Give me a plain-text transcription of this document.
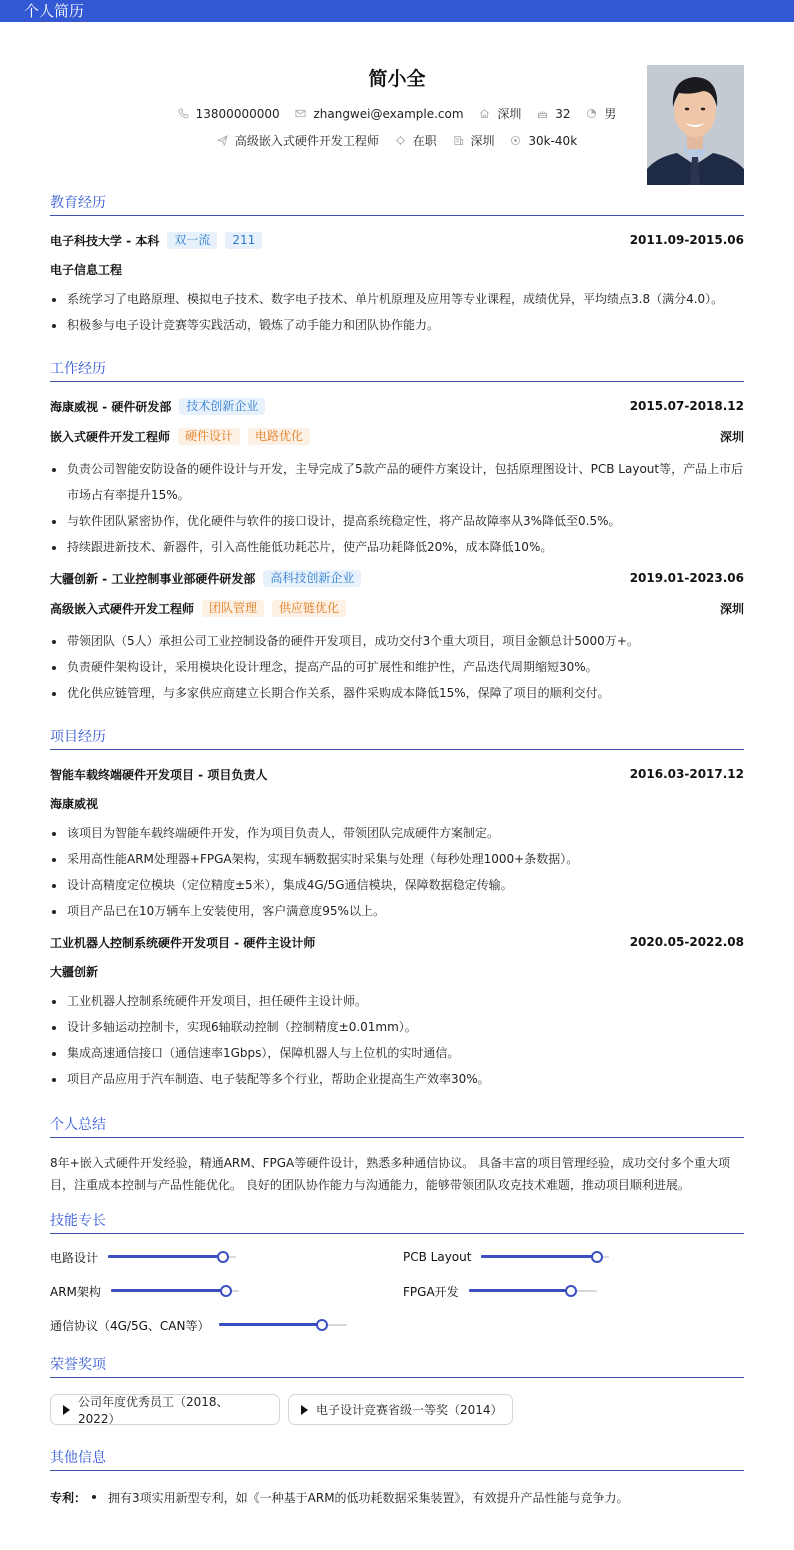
个人简历
简小全
13800000000	zhangwei@example.com	深圳	32	男
高级嵌入式硬件开发工程师	在职	深圳	30k-40k
教育经历
电子科技大学 - 本科	双一流	211	2011.09-2015.06
电子信息工程
系统学习了电路原理、模拟电子技术、数字电子技术、单片机原理及应用等专业课程，成绩优异，平均绩点3.8（满分4.0）。
积极参与电子设计竞赛等实践活动，锻炼了动手能力和团队协作能力。
工作经历
海康威视 - 硬件研发部	技术创新企业	2015.07-2018.12
嵌入式硬件开发工程师	硬件设计	电路优化	深圳
负责公司智能安防设备的硬件设计与开发，主导完成了5款产品的硬件方案设计，包括原理图设计、PCB Layout等，产品上市后市场占有率提升15%。
与软件团队紧密协作，优化硬件与软件的接口设计，提高系统稳定性，将产品故障率从3%降低至0.5%。
持续跟进新技术、新器件，引入高性能低功耗芯片，使产品功耗降低20%，成本降低10%。
大疆创新 - 工业控制事业部硬件研发部	高科技创新企业	2019.01-2023.06
高级嵌入式硬件开发工程师	团队管理	供应链优化	深圳
带领团队（5人）承担公司工业控制设备的硬件开发项目，成功交付3个重大项目，项目金额总计5000万+。
负责硬件架构设计，采用模块化设计理念，提高产品的可扩展性和维护性，产品迭代周期缩短30%。
优化供应链管理，与多家供应商建立长期合作关系，器件采购成本降低15%，保障了项目的顺利交付。
项目经历
智能车载终端硬件开发项目 - 项目负责人	2016.03-2017.12
海康威视
该项目为智能车载终端硬件开发，作为项目负责人，带领团队完成硬件方案制定。
采用高性能ARM处理器+FPGA架构，实现车辆数据实时采集与处理（每秒处理1000+条数据）。
设计高精度定位模块（定位精度±5米），集成4G/5G通信模块，保障数据稳定传输。
项目产品已在10万辆车上安装使用，客户满意度95%以上。
工业机器人控制系统硬件开发项目 - 硬件主设计师	2020.05-2022.08
大疆创新
工业机器人控制系统硬件开发项目，担任硬件主设计师。
设计多轴运动控制卡，实现6轴联动控制（控制精度±0.01mm）。
集成高速通信接口（通信速率1Gbps），保障机器人与上位机的实时通信。
项目产品应用于汽车制造、电子装配等多个行业，帮助企业提高生产效率30%。
个人总结
8年+嵌入式硬件开发经验，精通ARM、FPGA等硬件设计，熟悉多种通信协议。 具备丰富的项目管理经验，成功交付多个重大项目，注重成本控制与产品性能优化。 良好的团队协作能力与沟通能力，能够带领团队攻克技术难题，推动项目顺利进展。
技能专长
电路设计	PCB Layout
ARM架构	FPGA开发
通信协议（4G/5G、CAN等）
荣誉奖项
公司年度优秀员工（2018、2022）
电子设计竞赛省级一等奖（2014）
其他信息
专利： 拥有3项实用新型专利，如《一种基于ARM的低功耗数据采集装置》，有效提升产品性能与竞争力。
